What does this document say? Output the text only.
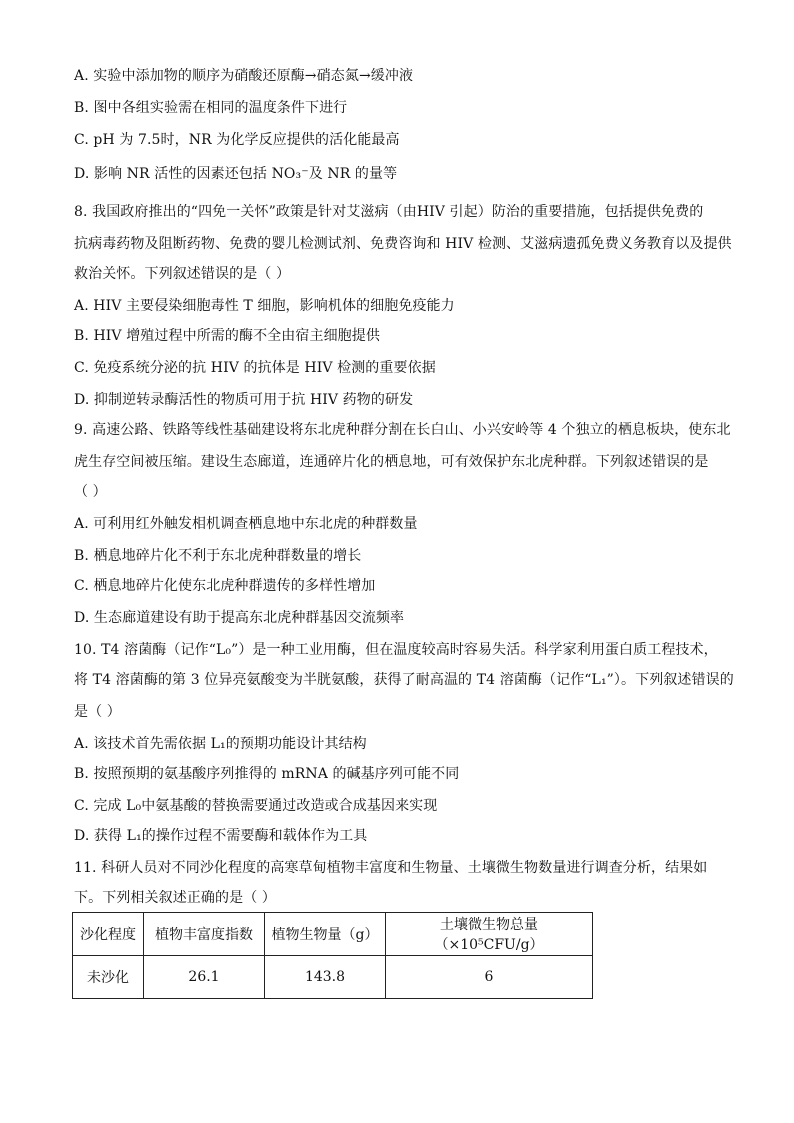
A. 实验中添加物的顺序为硝酸还原酶→硝态氮→缓冲液
B. 图中各组实验需在相同的温度条件下进行
C. pH 为 7.5时，NR 为化学反应提供的活化能最高
D. 影响 NR 活性的因素还包括 NO₃⁻及 NR 的量等
8. 我国政府推出的“四免一关怀”政策是针对艾滋病（由HIV 引起）防治的重要措施，包括提供免费的
抗病毒药物及阻断药物、免费的婴儿检测试剂、免费咨询和 HIV 检测、艾滋病遗孤免费义务教育以及提供
救治关怀。下列叙述错误的是（ ）
A. HIV 主要侵染细胞毒性 T 细胞，影响机体的细胞免疫能力
B. HIV 增殖过程中所需的酶不全由宿主细胞提供
C. 免疫系统分泌的抗 HIV 的抗体是 HIV 检测的重要依据
D. 抑制逆转录酶活性的物质可用于抗 HIV 药物的研发
9. 高速公路、铁路等线性基础建设将东北虎种群分割在长白山、小兴安岭等 4 个独立的栖息板块，使东北
虎生存空间被压缩。建设生态廊道，连通碎片化的栖息地，可有效保护东北虎种群。下列叙述错误的是
（ ）
A. 可利用红外触发相机调查栖息地中东北虎的种群数量
B. 栖息地碎片化不利于东北虎种群数量的增长
C. 栖息地碎片化使东北虎种群遗传的多样性增加
D. 生态廊道建设有助于提高东北虎种群基因交流频率
10. T4 溶菌酶（记作“L₀”）是一种工业用酶，但在温度较高时容易失活。科学家利用蛋白质工程技术，
将 T4 溶菌酶的第 3 位异亮氨酸变为半胱氨酸，获得了耐高温的 T4 溶菌酶（记作“L₁”）。下列叙述错误的
是（ ）
A. 该技术首先需依据 L₁的预期功能设计其结构
B. 按照预期的氨基酸序列推得的 mRNA 的碱基序列可能不同
C. 完成 L₀中氨基酸的替换需要通过改造或合成基因来实现
D. 获得 L₁的操作过程不需要酶和载体作为工具
11. 科研人员对不同沙化程度的高寒草甸植物丰富度和生物量、土壤微生物数量进行调查分析，结果如
下。下列相关叙述正确的是（ ）
沙化程度	植物丰富度指数	植物生物量（g）	土壤微生物总量（×10⁵CFU/g）
未沙化	26.1	143.8	6
